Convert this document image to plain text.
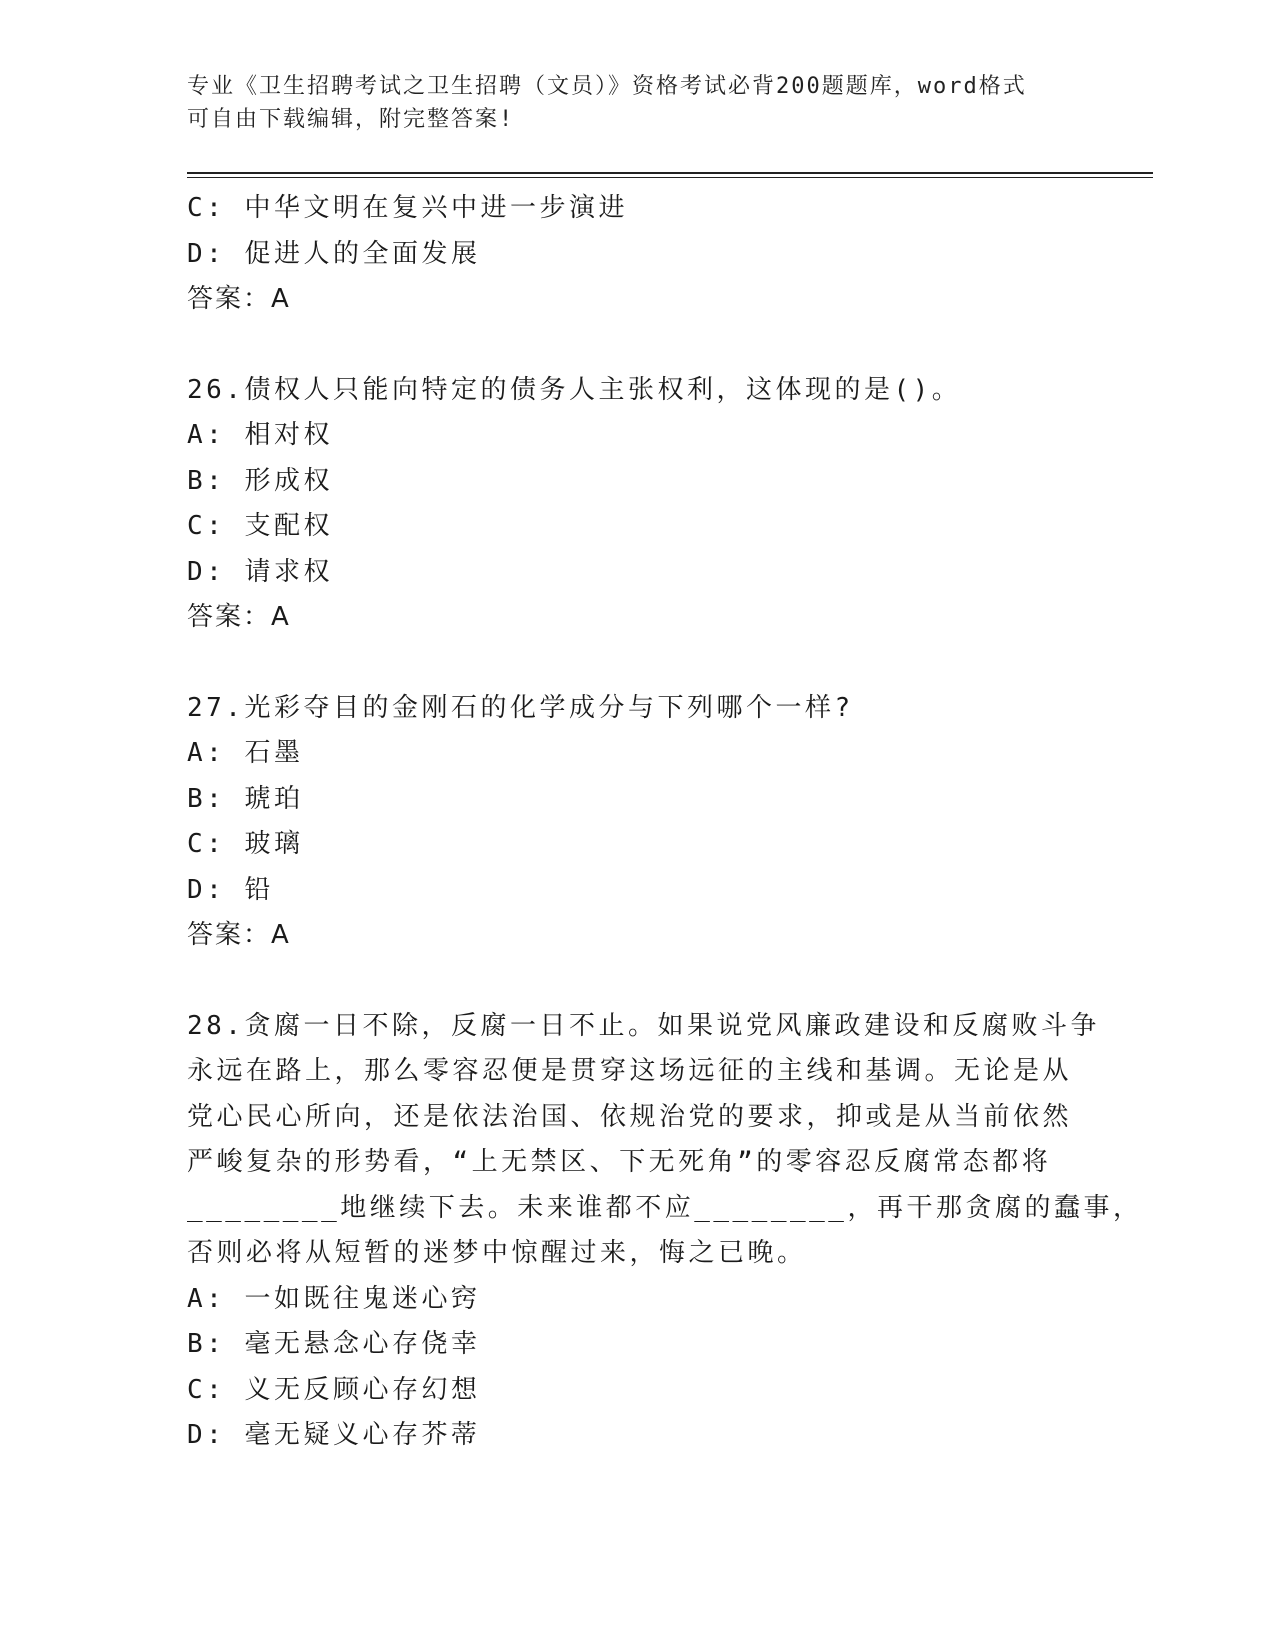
专业《卫生招聘考试之卫生招聘（文员）》资格考试必背200题题库，word格式
可自由下载编辑，附完整答案!
C: 中华文明在复兴中进一步演进
D: 促进人的全面发展
答案：A
26.债权人只能向特定的债务人主张权利，这体现的是()。
A: 相对权
B: 形成权
C: 支配权
D: 请求权
答案：A
27.光彩夺目的金刚石的化学成分与下列哪个一样?
A: 石墨
B: 琥珀
C: 玻璃
D: 铅
答案：A
28.贪腐一日不除，反腐一日不止。如果说党风廉政建设和反腐败斗争
永远在路上，那么零容忍便是贯穿这场远征的主线和基调。无论是从
党心民心所向，还是依法治国、依规治党的要求，抑或是从当前依然
严峻复杂的形势看，“上无禁区、下无死角”的零容忍反腐常态都将
________地继续下去。未来谁都不应________，再干那贪腐的蠢事，
否则必将从短暂的迷梦中惊醒过来，悔之已晚。
A: 一如既往鬼迷心窍
B: 毫无悬念心存侥幸
C: 义无反顾心存幻想
D: 毫无疑义心存芥蒂
